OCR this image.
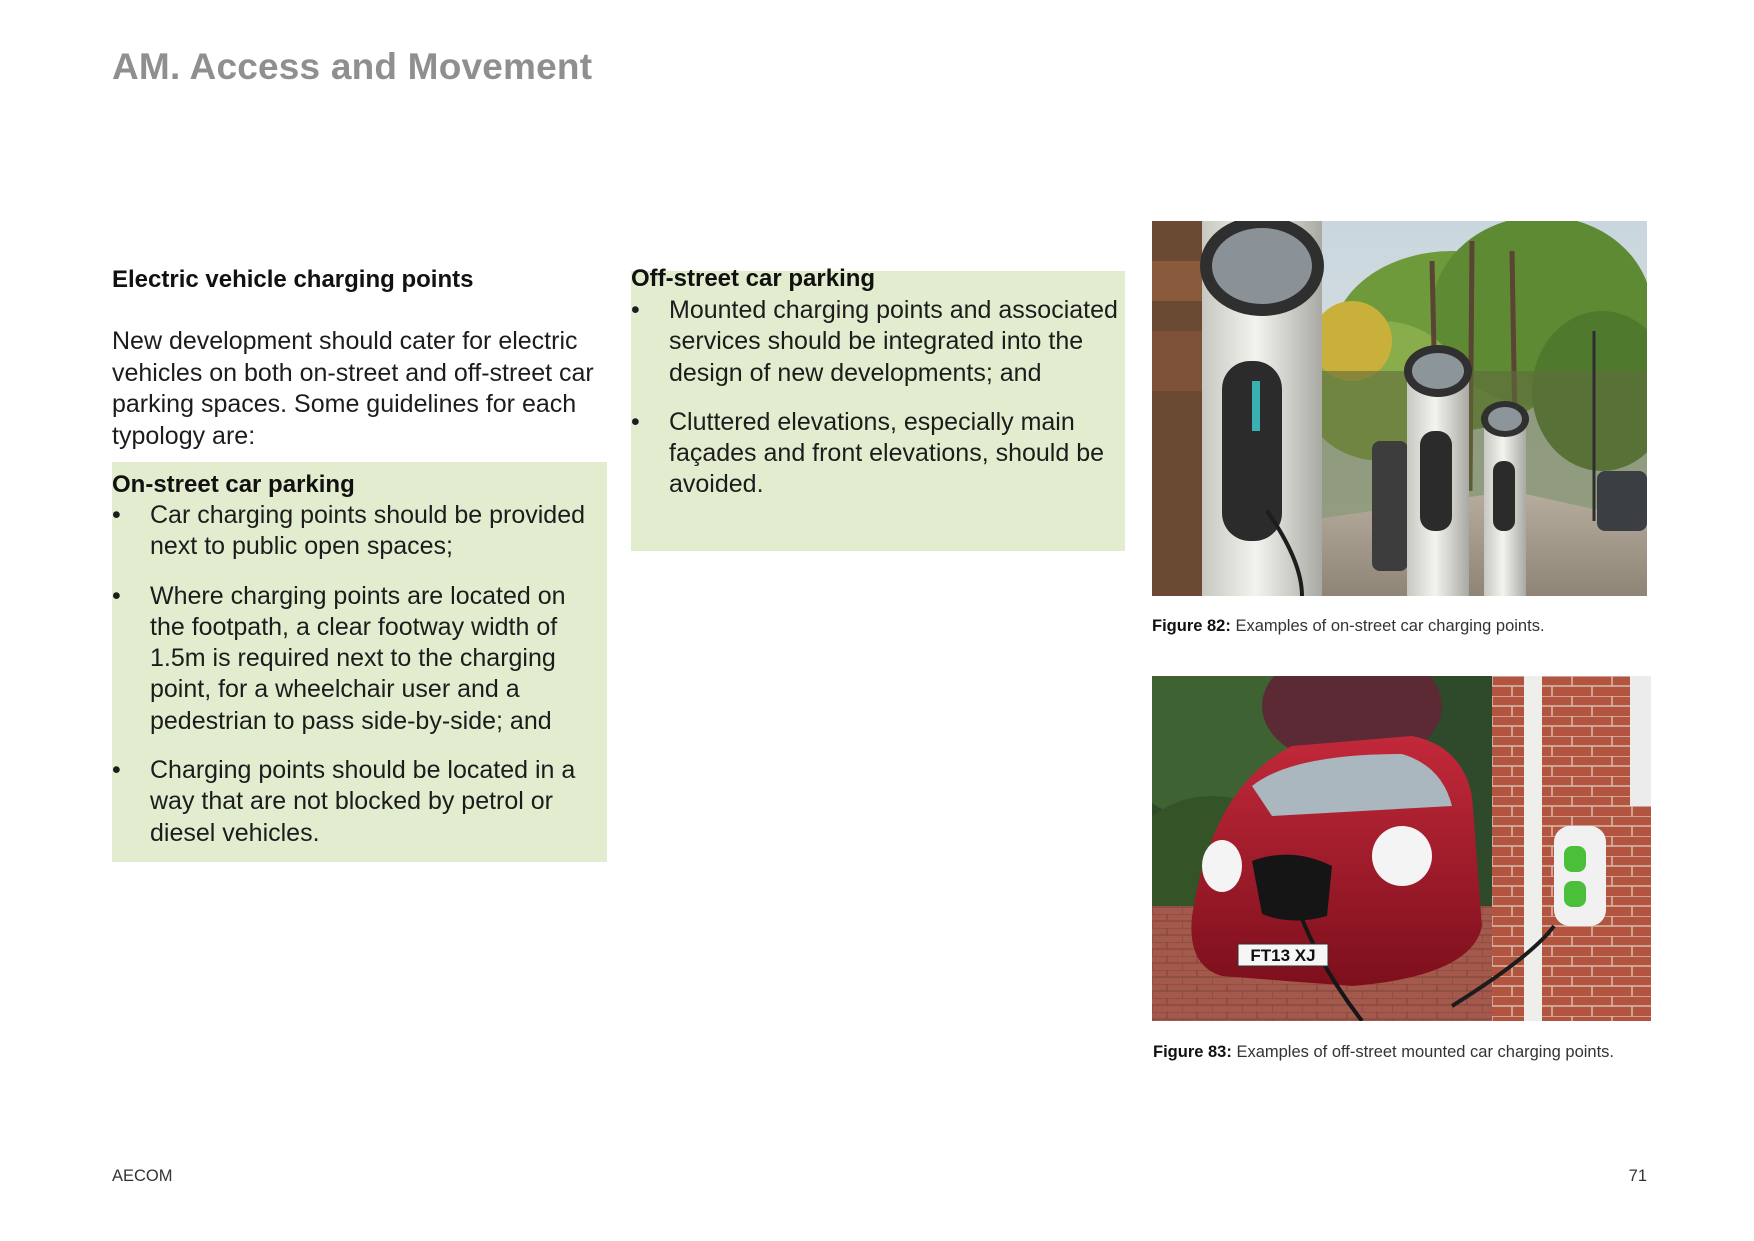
AM. Access and Movement
Electric vehicle charging points

New development should cater for electric vehicles on both on-street and off-street car parking spaces. Some guidelines for each typology are:

On-street car parking
• Car charging points should be provided next to public open spaces;
• Where charging points are located on the footpath, a clear footway width of 1.5m is required next to the charging point, for a wheelchair user and a pedestrian to pass side-by-side; and
• Charging points should be located in a way that are not blocked by petrol or diesel vehicles.
Off-street car parking
• Mounted charging points and associated services should be integrated into the design of new developments; and
• Cluttered elevations, especially main façades and front elevations, should be avoided.

Figure 82: Examples of on-street car charging points.

FT13 XJ

Figure 83: Examples of off-street mounted car charging points.

AECOM	71
